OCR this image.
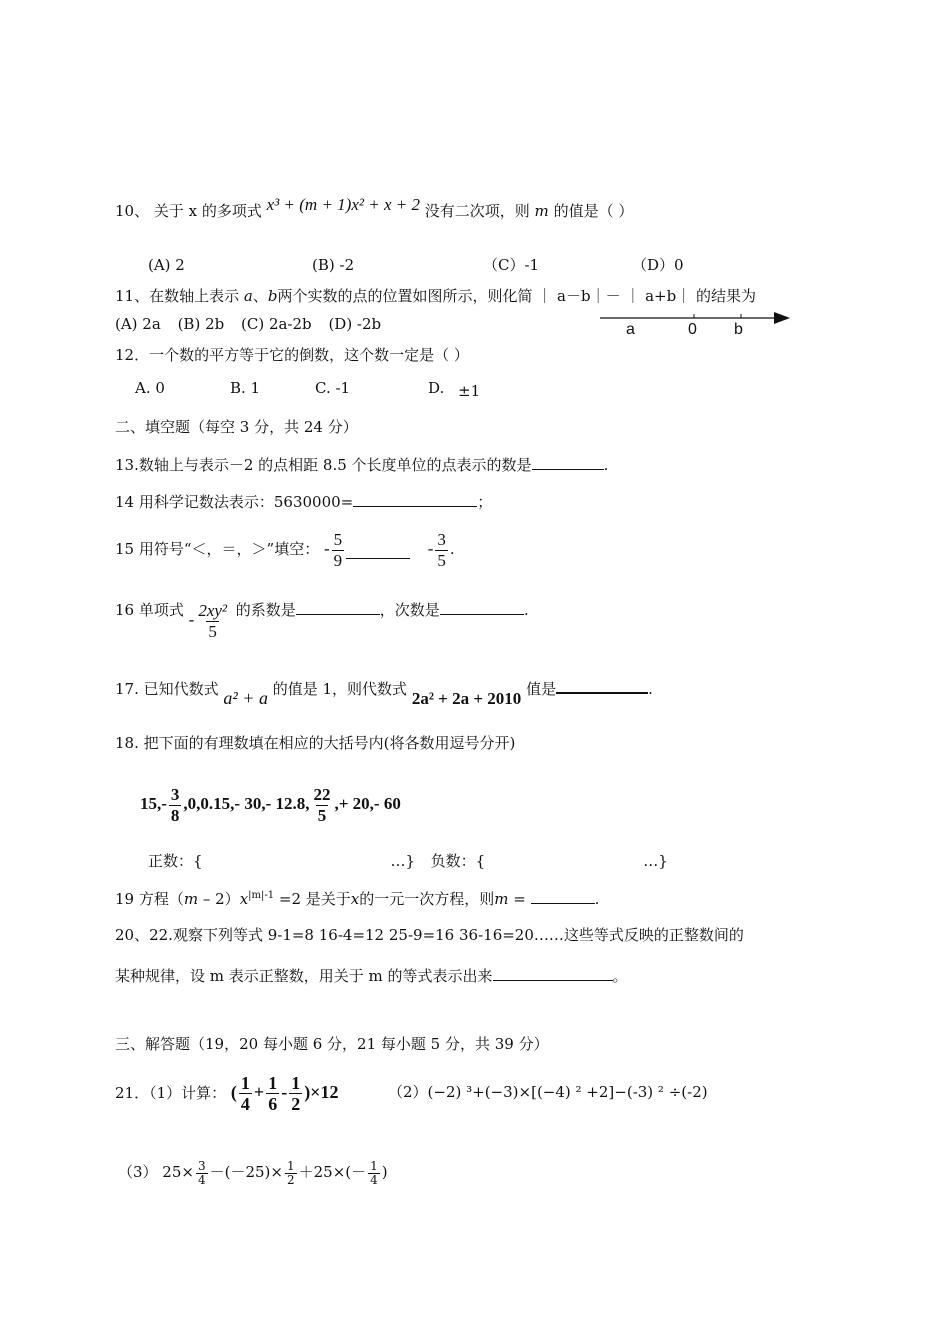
10、 关于 x 的多项式 x³ + (m + 1)x² + x + 2 没有二次项，则 m 的值是（ ）
(A) 2	(B) -2	（C）-1	（D）0
11、在数轴上表示 a、b两个实数的点的位置如图所示，则化简 ｜ a－b｜－ ｜ a+b｜ 的结果为
(A) 2a (B) 2b (C) 2a-2b (D) -2b	a	0 b
12．一个数的平方等于它的倒数，这个数一定是（ ）
A. 0	B. 1	C. -1	D. ±1
二、填空题（每空 3 分，共 24 分）
13.数轴上与表示－2 的点相距 8.5 个长度单位的点表示的数是	.
14 用科学记数法表示：5630000=	；
15 用符号“＜，＝，＞”填空： - $\frac{5}{9}$	- $\frac{3}{5}$ .
16 单项式 - $\frac{\text{2xy²}}{5}$ 的系数是	，次数是	.
17. 已知代数式 a² + a 的值是 1，则代数式 2a² + 2a + 2010 值是	.
18. 把下面的有理数填在相应的大括号内(将各数用逗号分开)
$15,- \frac{3}{8} ,0,0.15,-$ 30,- 12.8, $\frac{22}{5}$ ,+ 20,- 60
正数：{	…} 负数：{	…}
19 方程$(m - 2)x^{|m|-1} =2$ 是关于x的一元一次方程，则m =	.
20、22.观察下列等式 9-1=8 16-4=12 25-9=16 36-16=20……这些等式反映的正整数间的
某种规律，设 m 表示正整数，用关于 m 的等式表示出来	。
三、解答题（19，20 每小题 6 分，21 每小题 5 分，共 39 分）
21．（1）计算： ( $\frac{1}{4} + \frac{1}{6} - \frac{1}{2} )\times 12$	（2）(−2) ³+(−3)×[(−4) ² +2]−(-3) ² ÷(-2)
（3） $25\times \frac{3}{4} -(-25)\times \frac{1}{2} +25\times(- \frac{1}{4}$ )
